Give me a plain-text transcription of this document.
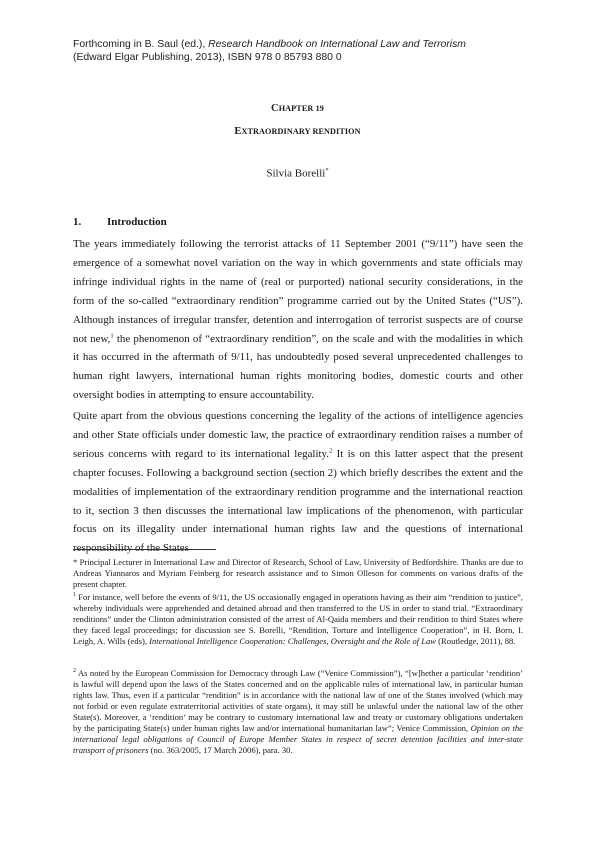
Forthcoming in B. Saul (ed.), Research Handbook on International Law and Terrorism
(Edward Elgar Publishing, 2013), ISBN 978 0 85793 880 0
CHAPTER 19
EXTRAORDINARY RENDITION
Silvia Borelli*
1. Introduction

The years immediately following the terrorist attacks of 11 September 2001 (“9/11”) have seen the emergence of a somewhat novel variation on the way in which governments and state officials may infringe individual rights in the name of (real or purported) national security considerations, in the form of the so-called “extraordinary rendition” programme carried out by the United States (“US”). Although instances of irregular transfer, detention and interrogation of terrorist suspects are of course not new,$^1$ the phenomenon of “extraordinary rendition”, on the scale and with the modalities in which it has occurred in the aftermath of 9/11, has undoubtedly posed several unprecedented challenges to human right lawyers, international human rights monitoring bodies, domestic courts and other oversight bodies in attempting to ensure accountability.

Quite apart from the obvious questions concerning the legality of the actions of intelligence agencies and other State officials under domestic law, the practice of extraordinary rendition raises a number of serious concerns with regard to its international legality.$^2$ It is on this latter aspect that the present chapter focuses. Following a background section (section 2) which briefly describes the extent and the modalities of implementation of the extraordinary rendition programme and the international reaction to it, section 3 then discusses the international law implications of the phenomenon, with particular focus on its illegality under international human rights law and the questions of international responsibility of the States

* Principal Lecturer in International Law and Director of Research, School of Law, University of Bedfordshire. Thanks are due to Andreas Yiannaros and Myriam Feinberg for research assistance and to Simon Olleson for comments on various drafts of the present chapter.

$^1$ For instance, well before the events of 9/11, the US occasionally engaged in operations having as their aim “rendition to justice”, whereby individuals were apprehended and detained abroad and then transferred to the US in order to stand trial. “Extraordinary renditions” under the Clinton administration consisted of the arrest of Al-Qaida members and their rendition to third States where they faced legal proceedings; for discussion see S. Borelli, “Rendition, Torture and Intelligence Cooperation”, in H. Born, I. Leigh, A. Wills (eds), International Intelligence Cooperation: Challenges, Oversight and the Role of Law (Routledge, 2011), 88.

$^2$ As noted by the European Commission for Democracy through Law (“Venice Commission”), “[w]hether a particular ‘rendition’ is lawful will depend upon the laws of the States concerned and on the applicable rules of international law, in particular human rights law. Thus, even if a particular “rendition” is in accordance with the national law of one of the States involved (which may not forbid or even regulate extraterritorial activities of state organs), it may still be unlawful under the national law of the other State(s). Moreover, a ‘rendition’ may be contrary to customary international law and treaty or customary obligations undertaken by the participating State(s) under human rights law and/or international humanitarian law”; Venice Commission, Opinion on the international legal obligations of Council of Europe Member States in respect of secret detention facilities and inter-state transport of prisoners (no. 363/2005, 17 March 2006), para. 30.
